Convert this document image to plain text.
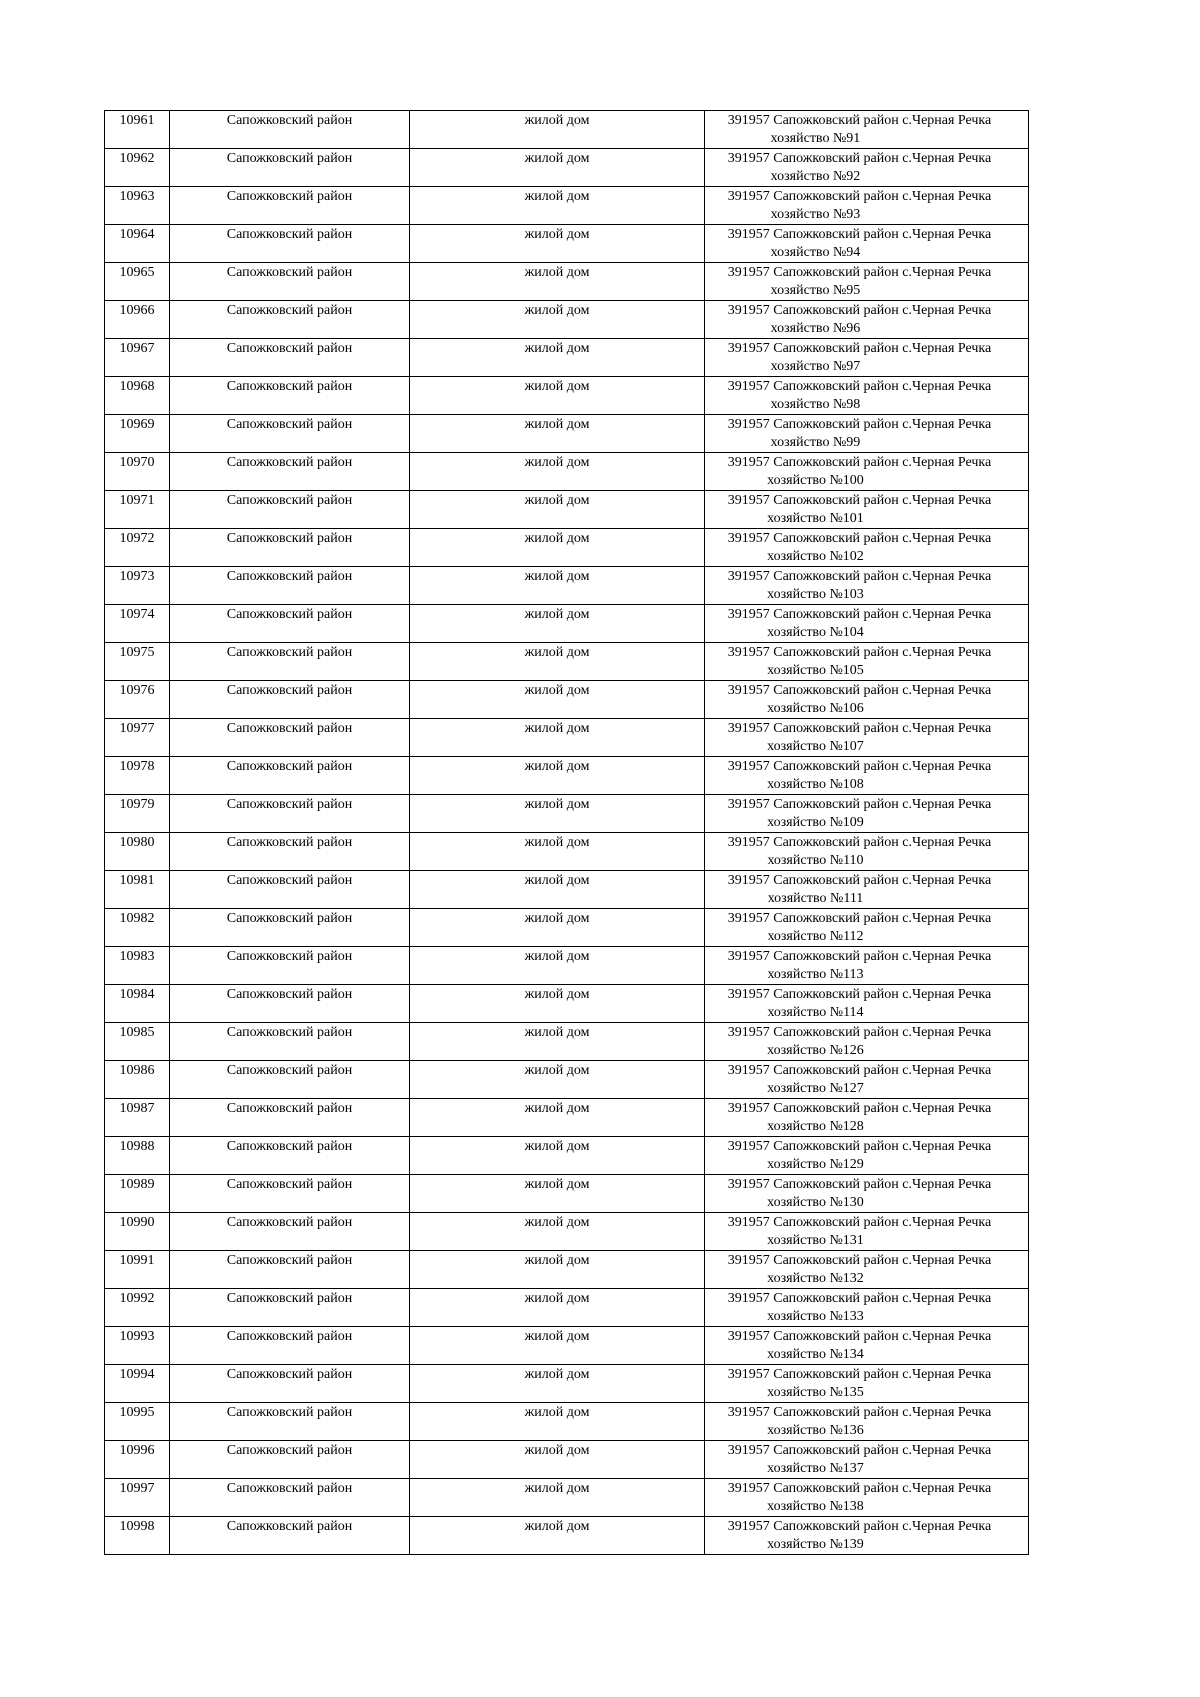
10961	Сапожковский район	жилой дом	391957 Сапожковский район с.Черная Речка
хозяйство №91

10962	Сапожковский район	жилой дом	391957 Сапожковский район с.Черная Речка
хозяйство №92

10963	Сапожковский район	жилой дом	391957 Сапожковский район с.Черная Речка
хозяйство №93

10964	Сапожковский район	жилой дом	391957 Сапожковский район с.Черная Речка
хозяйство №94

10965	Сапожковский район	жилой дом	391957 Сапожковский район с.Черная Речка
хозяйство №95

10966	Сапожковский район	жилой дом	391957 Сапожковский район с.Черная Речка
хозяйство №96

10967	Сапожковский район	жилой дом	391957 Сапожковский район с.Черная Речка
хозяйство №97

10968	Сапожковский район	жилой дом	391957 Сапожковский район с.Черная Речка
хозяйство №98

10969	Сапожковский район	жилой дом	391957 Сапожковский район с.Черная Речка
хозяйство №99

10970	Сапожковский район	жилой дом	391957 Сапожковский район с.Черная Речка
хозяйство №100

10971	Сапожковский район	жилой дом	391957 Сапожковский район с.Черная Речка
хозяйство №101

10972	Сапожковский район	жилой дом	391957 Сапожковский район с.Черная Речка
хозяйство №102

10973	Сапожковский район	жилой дом	391957 Сапожковский район с.Черная Речка
хозяйство №103

10974	Сапожковский район	жилой дом	391957 Сапожковский район с.Черная Речка
хозяйство №104

10975	Сапожковский район	жилой дом	391957 Сапожковский район с.Черная Речка
хозяйство №105

10976	Сапожковский район	жилой дом	391957 Сапожковский район с.Черная Речка
хозяйство №106

10977	Сапожковский район	жилой дом	391957 Сапожковский район с.Черная Речка
хозяйство №107

10978	Сапожковский район	жилой дом	391957 Сапожковский район с.Черная Речка
хозяйство №108

10979	Сапожковский район	жилой дом	391957 Сапожковский район с.Черная Речка
хозяйство №109

10980	Сапожковский район	жилой дом	391957 Сапожковский район с.Черная Речка
хозяйство №110

10981	Сапожковский район	жилой дом	391957 Сапожковский район с.Черная Речка
хозяйство №111

10982	Сапожковский район	жилой дом	391957 Сапожковский район с.Черная Речка
хозяйство №112

10983	Сапожковский район	жилой дом	391957 Сапожковский район с.Черная Речка
хозяйство №113

10984	Сапожковский район	жилой дом	391957 Сапожковский район с.Черная Речка
хозяйство №114

10985	Сапожковский район	жилой дом	391957 Сапожковский район с.Черная Речка
хозяйство №126

10986	Сапожковский район	жилой дом	391957 Сапожковский район с.Черная Речка
хозяйство №127

10987	Сапожковский район	жилой дом	391957 Сапожковский район с.Черная Речка
хозяйство №128

10988	Сапожковский район	жилой дом	391957 Сапожковский район с.Черная Речка
хозяйство №129

10989	Сапожковский район	жилой дом	391957 Сапожковский район с.Черная Речка
хозяйство №130

10990	Сапожковский район	жилой дом	391957 Сапожковский район с.Черная Речка
хозяйство №131

10991	Сапожковский район	жилой дом	391957 Сапожковский район с.Черная Речка
хозяйство №132

10992	Сапожковский район	жилой дом	391957 Сапожковский район с.Черная Речка
хозяйство №133

10993	Сапожковский район	жилой дом	391957 Сапожковский район с.Черная Речка
хозяйство №134

10994	Сапожковский район	жилой дом	391957 Сапожковский район с.Черная Речка
хозяйство №135

10995	Сапожковский район	жилой дом	391957 Сапожковский район с.Черная Речка
хозяйство №136

10996	Сапожковский район	жилой дом	391957 Сапожковский район с.Черная Речка
хозяйство №137

10997	Сапожковский район	жилой дом	391957 Сапожковский район с.Черная Речка
хозяйство №138

10998	Сапожковский район	жилой дом	391957 Сапожковский район с.Черная Речка
хозяйство №139
